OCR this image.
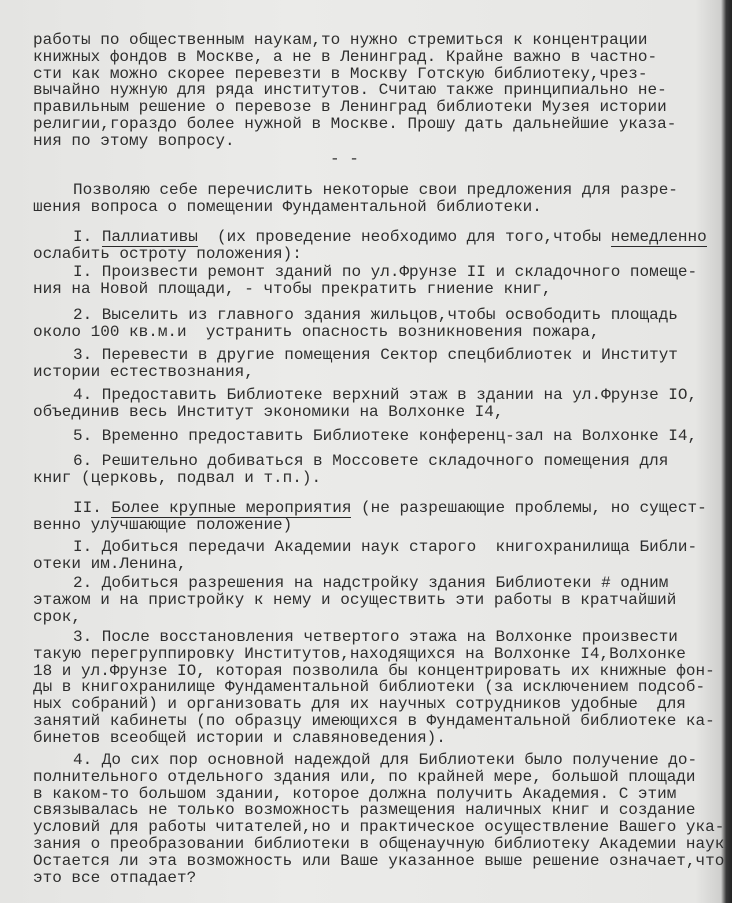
- -
работы по общественным наукам,то нужно стремиться к концентрации
книжных фондов в Москве, а не в Ленинград. Крайне важно в частно-
сти как можно скорее перевезти в Москву Готскую библиотеку,чрез-
вычайно нужную для ряда институтов. Считаю также принципиально не-
правильным решение о перевозе в Ленинград библиотеки Музея истории
религии,гораздо более нужной в Москве. Прошу дать дальнейшие указа-
ния по этому вопросу.
Позволяю себе перечислить некоторые свои предложения для разре-
шения вопроса о помещении Фундаментальной библиотеки.
I. Паллиативы  (их проведение необходимо для того,чтобы немедленно
ослабить остроту положения):
I. Произвести ремонт зданий по ул.Фрунзе II и складочного помеще-
ния на Новой площади, - чтобы прекратить гниение книг,
2. Выселить из главного здания жильцов,чтобы освободить площадь
около 100 кв.м.и  устранить опасность возникновения пожара,
3. Перевести в другие помещения Сектор спецбиблиотек и Институт
истории естествознания,
4. Предоставить Библиотеке верхний этаж в здании на ул.Фрунзе IO,
объединив весь Институт экономики на Волхонке I4,
5. Временно предоставить Библиотеке конференц-зал на Волхонке I4,
6. Решительно добиваться в Моссовете складочного помещения для
книг (церковь, подвал и т.п.).
II. Более крупные мероприятия (не разрешающие проблемы, но сущест-
венно улучшающие положение)
I. Добиться передачи Академии наук старого  книгохранилища Библи-
отеки им.Ленина,
2. Добиться разрешения на надстройку здания Библиотеки # одним
этажом и на пристройку к нему и осуществить эти работы в кратчайший
срок,
3. После восстановления четвертого этажа на Волхонке произвести
такую перегруппировку Институтов,находящихся на Волхонке I4,Волхонке
18 и ул.Фрунзе IO, которая позволила бы концентрировать их книжные фон-
ды в книгохранилище Фундаментальной библиотеки (за исключением подсоб-
ных собраний) и организовать для их научных сотрудников удобные  для
занятий кабинеты (по образцу имеющихся в Фундаментальной библиотеке ка-
бинетов всеобщей истории и славяноведения).
4. До сих пор основной надеждой для Библиотеки было получение до-
полнительного отдельного здания или, по крайней мере, большой площади
в каком-то большом здании, которое должна получить Академия. С этим
связывалась не только возможность размещения наличных книг и создание
условий для работы читателей,но и практическое осуществление Вашего ука-
зания о преобразовании библиотеки в общенаучную библиотеку Академии наук
Остается ли эта возможность или Ваше указанное выше решение означает,что
это все отпадает?
